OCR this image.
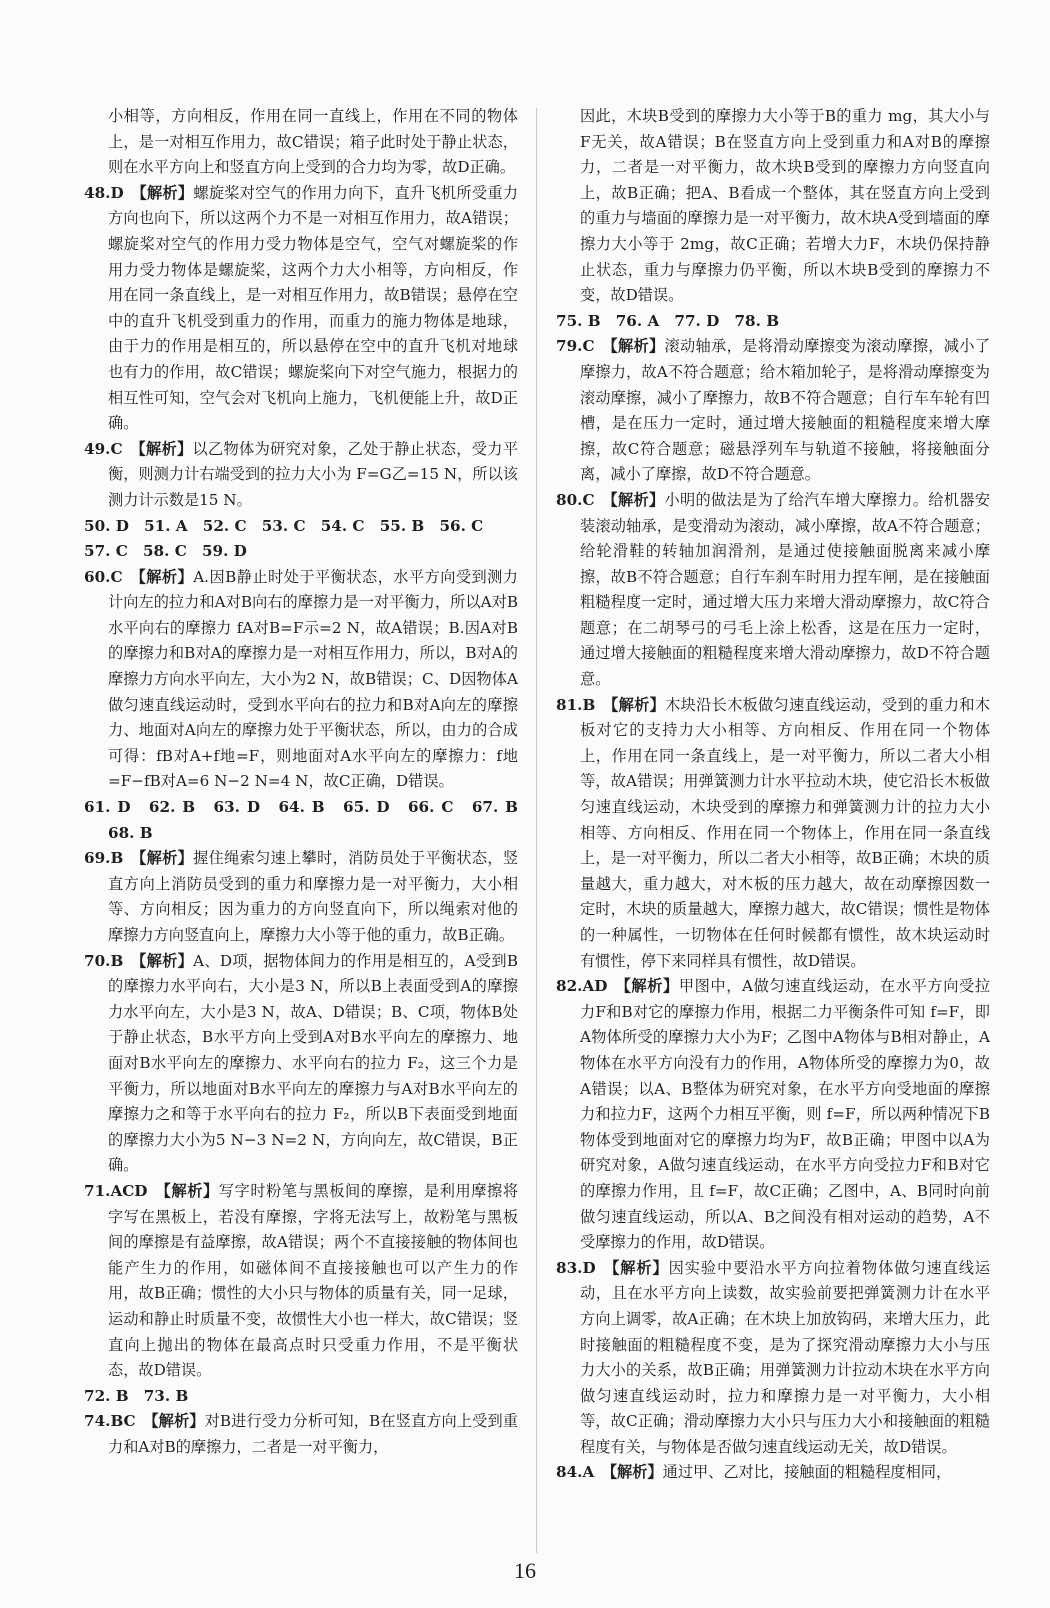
小相等，方向相反，作用在同一直线上，作用在不同的物体上，是一对相互作用力，故C错误；箱子此时处于静止状态，则在水平方向上和竖直方向上受到的合力均为零，故D正确。

48.D  【解析】螺旋桨对空气的作用力向下，直升飞机所受重力方向也向下，所以这两个力不是一对相互作用力，故A错误；螺旋桨对空气的作用力受力物体是空气，空气对螺旋桨的作用力受力物体是螺旋桨，这两个力大小相等，方向相反，作用在同一条直线上，是一对相互作用力，故B错误；悬停在空中的直升飞机受到重力的作用，而重力的施力物体是地球，由于力的作用是相互的，所以悬停在空中的直升飞机对地球也有力的作用，故C错误；螺旋桨向下对空气施力，根据力的相互性可知，空气会对飞机向上施力，飞机便能上升，故D正确。

49.C  【解析】以乙物体为研究对象，乙处于静止状态，受力平衡，则测力计右端受到的拉力大小为 F=G乙=15 N，所以该测力计示数是15 N。

50. D　51. A　52. C　53. C　54. C　55. B　56. C

57. C　58. C　59. D

60.C  【解析】A.因B静止时处于平衡状态，水平方向受到测力计向左的拉力和A对B向右的摩擦力是一对平衡力，所以A对B水平向右的摩擦力 fA对B=F示=2 N，故A错误；B.因A对B的摩擦力和B对A的摩擦力是一对相互作用力，所以，B对A的摩擦力方向水平向左，大小为2 N，故B错误；C、D因物体A做匀速直线运动时，受到水平向右的拉力和B对A向左的摩擦力、地面对A向左的摩擦力处于平衡状态，所以，由力的合成可得：fB对A+f地=F，则地面对A水平向左的摩擦力：f地=F−fB对A=6 N−2 N=4 N，故C正确，D错误。

61. D　62. B　63. D　64. B　65. D　66. C　67. B　68. B

69.B  【解析】握住绳索匀速上攀时，消防员处于平衡状态，竖直方向上消防员受到的重力和摩擦力是一对平衡力，大小相等、方向相反；因为重力的方向竖直向下，所以绳索对他的摩擦力方向竖直向上，摩擦力大小等于他的重力，故B正确。

70.B  【解析】A、D项，据物体间力的作用是相互的，A受到B的摩擦力水平向右，大小是3 N，所以B上表面受到A的摩擦力水平向左，大小是3 N，故A、D错误；B、C项，物体B处于静止状态，B水平方向上受到A对B水平向左的摩擦力、地面对B水平向左的摩擦力、水平向右的拉力 F₂，这三个力是平衡力，所以地面对B水平向左的摩擦力与A对B水平向左的摩擦力之和等于水平向右的拉力 F₂，所以B下表面受到地面的摩擦力大小为5 N−3 N=2 N，方向向左，故C错误，B正确。

71.ACD  【解析】写字时粉笔与黑板间的摩擦，是利用摩擦将字写在黑板上，若没有摩擦，字将无法写上，故粉笔与黑板间的摩擦是有益摩擦，故A错误；两个不直接接触的物体间也能产生力的作用，如磁体间不直接接触也可以产生力的作用，故B正确；惯性的大小只与物体的质量有关，同一足球，运动和静止时质量不变，故惯性大小也一样大，故C错误；竖直向上抛出的物体在最高点时只受重力作用，不是平衡状态，故D错误。

72. B　73. B

74.BC  【解析】对B进行受力分析可知，B在竖直方向上受到重力和A对B的摩擦力，二者是一对平衡力，

因此，木块B受到的摩擦力大小等于B的重力 mg，其大小与F无关，故A错误；B在竖直方向上受到重力和A对B的摩擦力，二者是一对平衡力，故木块B受到的摩擦力方向竖直向上，故B正确；把A、B看成一个整体，其在竖直方向上受到的重力与墙面的摩擦力是一对平衡力，故木块A受到墙面的摩擦力大小等于 2mg，故C正确；若增大力F，木块仍保持静止状态，重力与摩擦力仍平衡，所以木块B受到的摩擦力不变，故D错误。

75. B　76. A　77. D　78. B

79.C  【解析】滚动轴承，是将滑动摩擦变为滚动摩擦，减小了摩擦力，故A不符合题意；给木箱加轮子，是将滑动摩擦变为滚动摩擦，减小了摩擦力，故B不符合题意；自行车车轮有凹槽，是在压力一定时，通过增大接触面的粗糙程度来增大摩擦，故C符合题意；磁悬浮列车与轨道不接触，将接触面分离，减小了摩擦，故D不符合题意。

80.C  【解析】小明的做法是为了给汽车增大摩擦力。给机器安装滚动轴承，是变滑动为滚动，减小摩擦，故A不符合题意；给轮滑鞋的转轴加润滑剂，是通过使接触面脱离来减小摩擦，故B不符合题意；自行车刹车时用力捏车闸，是在接触面粗糙程度一定时，通过增大压力来增大滑动摩擦力，故C符合题意；在二胡琴弓的弓毛上涂上松香，这是在压力一定时，通过增大接触面的粗糙程度来增大滑动摩擦力，故D不符合题意。

81.B  【解析】木块沿长木板做匀速直线运动，受到的重力和木板对它的支持力大小相等、方向相反、作用在同一个物体上，作用在同一条直线上，是一对平衡力，所以二者大小相等，故A错误；用弹簧测力计水平拉动木块，使它沿长木板做匀速直线运动，木块受到的摩擦力和弹簧测力计的拉力大小相等、方向相反、作用在同一个物体上，作用在同一条直线上，是一对平衡力，所以二者大小相等，故B正确；木块的质量越大，重力越大，对木板的压力越大，故在动摩擦因数一定时，木块的质量越大，摩擦力越大，故C错误；惯性是物体的一种属性，一切物体在任何时候都有惯性，故木块运动时有惯性，停下来同样具有惯性，故D错误。

82.AD  【解析】甲图中，A做匀速直线运动，在水平方向受拉力F和B对它的摩擦力作用，根据二力平衡条件可知 f=F，即A物体所受的摩擦力大小为F；乙图中A物体与B相对静止，A物体在水平方向没有力的作用，A物体所受的摩擦力为0，故A错误；以A、B整体为研究对象，在水平方向受地面的摩擦力和拉力F，这两个力相互平衡，则 f=F，所以两种情况下B物体受到地面对它的摩擦力均为F，故B正确；甲图中以A为研究对象，A做匀速直线运动，在水平方向受拉力F和B对它的摩擦力作用，且 f=F，故C正确；乙图中，A、B同时向前做匀速直线运动，所以A、B之间没有相对运动的趋势，A不受摩擦力的作用，故D错误。

83.D  【解析】因实验中要沿水平方向拉着物体做匀速直线运动，且在水平方向上读数，故实验前要把弹簧测力计在水平方向上调零，故A正确；在木块上加放钩码，来增大压力，此时接触面的粗糙程度不变，是为了探究滑动摩擦力大小与压力大小的关系，故B正确；用弹簧测力计拉动木块在水平方向做匀速直线运动时，拉力和摩擦力是一对平衡力，大小相等，故C正确；滑动摩擦力大小只与压力大小和接触面的粗糙程度有关，与物体是否做匀速直线运动无关，故D错误。

84.A  【解析】通过甲、乙对比，接触面的粗糙程度相同，

16
